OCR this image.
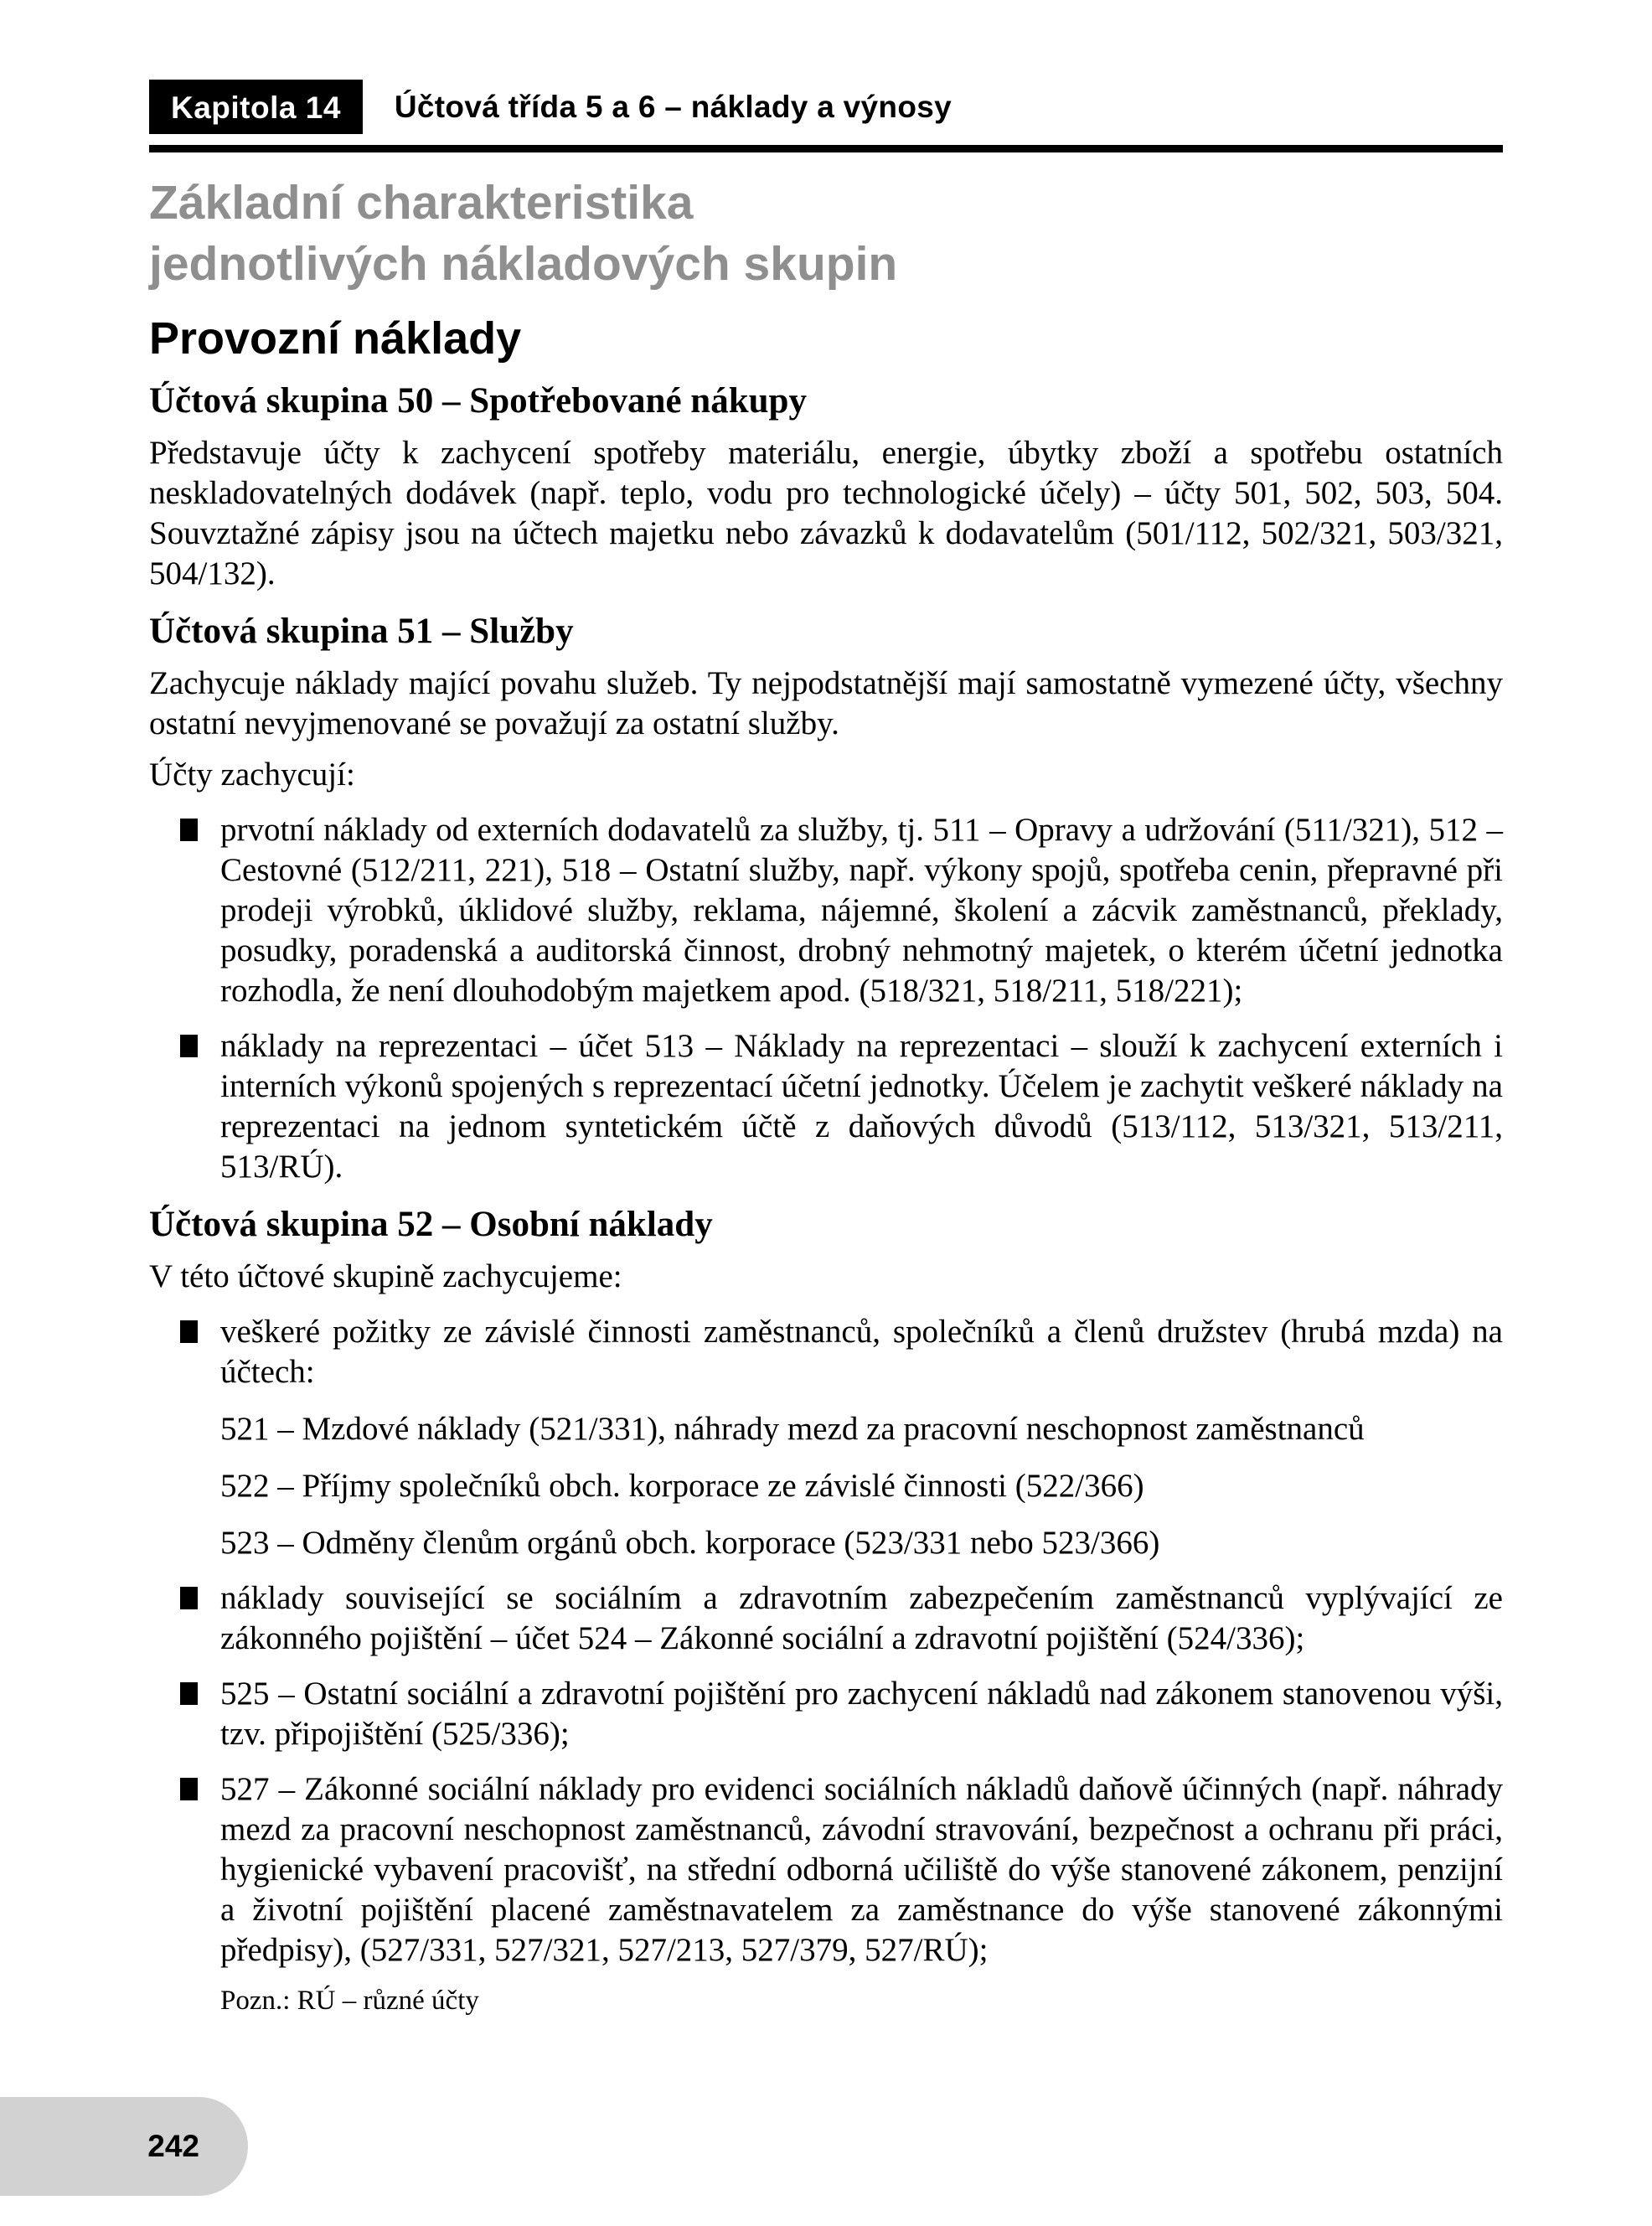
Kapitola 14	Účtová třída 5 a 6 – náklady a výnosy
Základní charakteristika
jednotlivých nákladových skupin
Provozní náklady
Účtová skupina 50 – Spotřebované nákupy

Představuje účty k zachycení spotřeby materiálu, energie, úbytky zboží a spotřebu ostatních neskladovatelných dodávek (např. teplo, vodu pro technologické účely) – účty 501, 502, 503, 504. Souvztažné zápisy jsou na účtech majetku nebo závazků k dodavatelům (501/112, 502/321, 503/321, 504/132).

Účtová skupina 51 – Služby

Zachycuje náklady mající povahu služeb. Ty nejpodstatnější mají samostatně vymezené účty, všechny ostatní nevyjmenované se považují za ostatní služby.

Účty zachycují:

prvotní náklady od externích dodavatelů za služby, tj. 511 – Opravy a udržování (511/321), 512 – Cestovné (512/211, 221), 518 – Ostatní služby, např. výkony spojů, spotřeba cenin, přepravné při prodeji výrobků, úklidové služby, reklama, nájemné, školení a zácvik zaměstnanců, překlady, posudky, poradenská a auditorská činnost, drobný nehmotný majetek, o kterém účetní jednotka rozhodla, že není dlouhodobým majetkem apod. (518/321, 518/211, 518/221);
náklady na reprezentaci – účet 513 – Náklady na reprezentaci – slouží k zachycení externích i interních výkonů spojených s reprezentací účetní jednotky. Účelem je zachytit veškeré náklady na reprezentaci na jednom syntetickém účtě z daňových důvodů (513/112, 513/321, 513/211, 513/RÚ).
Účtová skupina 52 – Osobní náklady

V této účtové skupině zachycujeme:

veškeré požitky ze závislé činnosti zaměstnanců, společníků a členů družstev (hrubá mzda) na účtech:
521 – Mzdové náklady (521/331), náhrady mezd za pracovní neschopnost zaměstnanců
522 – Příjmy společníků obch. korporace ze závislé činnosti (522/366)
523 – Odměny členům orgánů obch. korporace (523/331 nebo 523/366)
náklady související se sociálním a zdravotním zabezpečením zaměstnanců vyplývající ze zákonného pojištění – účet 524 – Zákonné sociální a zdravotní pojištění (524/336);
525 – Ostatní sociální a zdravotní pojištění pro zachycení nákladů nad zákonem stanovenou výši, tzv. připojištění (525/336);
527 – Zákonné sociální náklady pro evidenci sociálních nákladů daňově účinných (např. náhrady mezd za pracovní neschopnost zaměstnanců, závodní stravování, bezpečnost a ochranu při práci, hygienické vybavení pracovišť, na střední odborná učiliště do výše stanovené zákonem, penzijní a životní pojištění placené zaměstnavatelem za zaměstnance do výše stanovené zákonnými předpisy), (527/331, 527/321, 527/213, 527/379, 527/RÚ);
Pozn.: RÚ – různé účty
242
